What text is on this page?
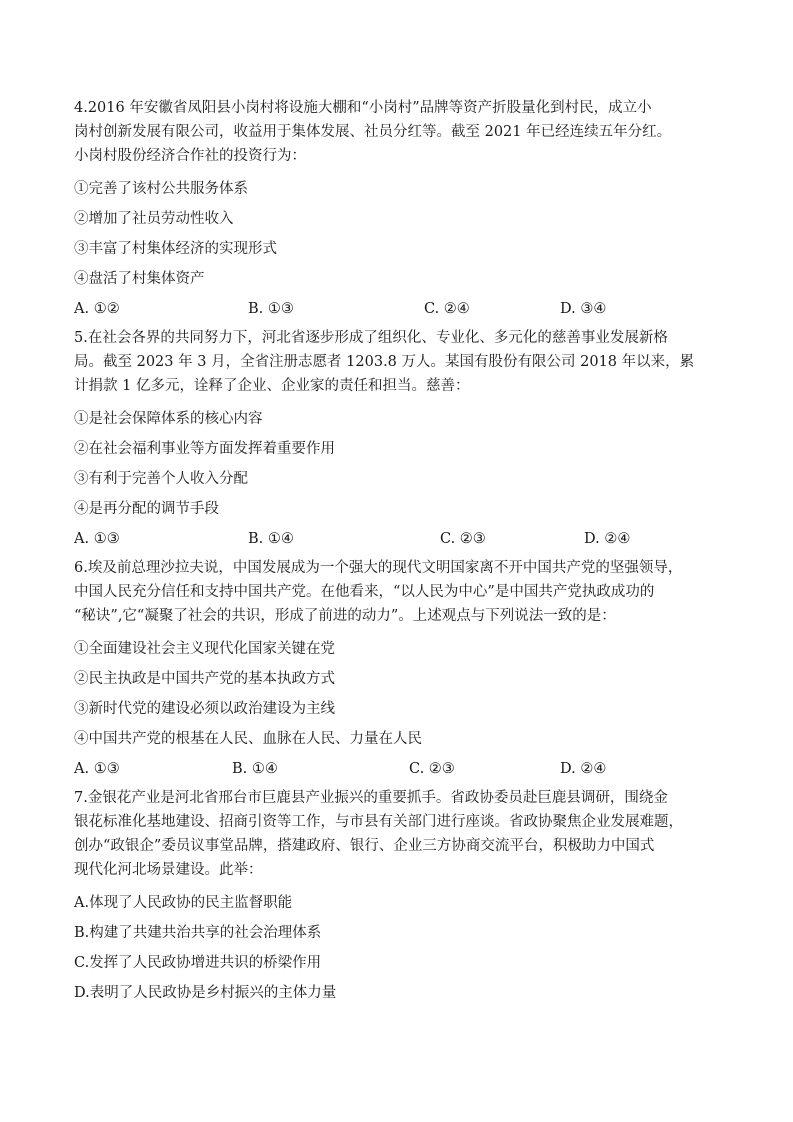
4.2016 年安徽省凤阳县小岗村将设施大棚和“小岗村”品牌等资产折股量化到村民，成立小
岗村创新发展有限公司，收益用于集体发展、社员分红等。截至 2021 年已经连续五年分红。
小岗村股份经济合作社的投资行为：
①完善了该村公共服务体系
②增加了社员劳动性收入
③丰富了村集体经济的实现形式
④盘活了村集体资产
A. ①②	B. ①③	C. ②④	D. ③④
5.在社会各界的共同努力下，河北省逐步形成了组织化、专业化、多元化的慈善事业发展新格
局。截至 2023 年 3 月，全省注册志愿者 1203.8 万人。某国有股份有限公司 2018 年以来，累
计捐款 1 亿多元，诠释了企业、企业家的责任和担当。慈善：
①是社会保障体系的核心内容
②在社会福利事业等方面发挥着重要作用
③有利于完善个人收入分配
④是再分配的调节手段
A. ①③	B. ①④	C. ②③	D. ②④
6.埃及前总理沙拉夫说，中国发展成为一个强大的现代文明国家离不开中国共产党的坚强领导，
中国人民充分信任和支持中国共产党。在他看来，“以人民为中心”是中国共产党执政成功的
“秘诀”,它“凝聚了社会的共识，形成了前进的动力”。上述观点与下列说法一致的是：
①全面建设社会主义现代化国家关键在党
②民主执政是中国共产党的基本执政方式
③新时代党的建设必须以政治建设为主线
④中国共产党的根基在人民、血脉在人民、力量在人民
A. ①③	B. ①④	C. ②③	D. ②④
7.金银花产业是河北省邢台市巨鹿县产业振兴的重要抓手。省政协委员赴巨鹿县调研，围绕金
银花标准化基地建设、招商引资等工作，与市县有关部门进行座谈。省政协聚焦企业发展难题，
创办“政银企”委员议事堂品牌，搭建政府、银行、企业三方协商交流平台，积极助力中国式
现代化河北场景建设。此举：
A.体现了人民政协的民主监督职能
B.构建了共建共治共享的社会治理体系
C.发挥了人民政协增进共识的桥梁作用
D.表明了人民政协是乡村振兴的主体力量
